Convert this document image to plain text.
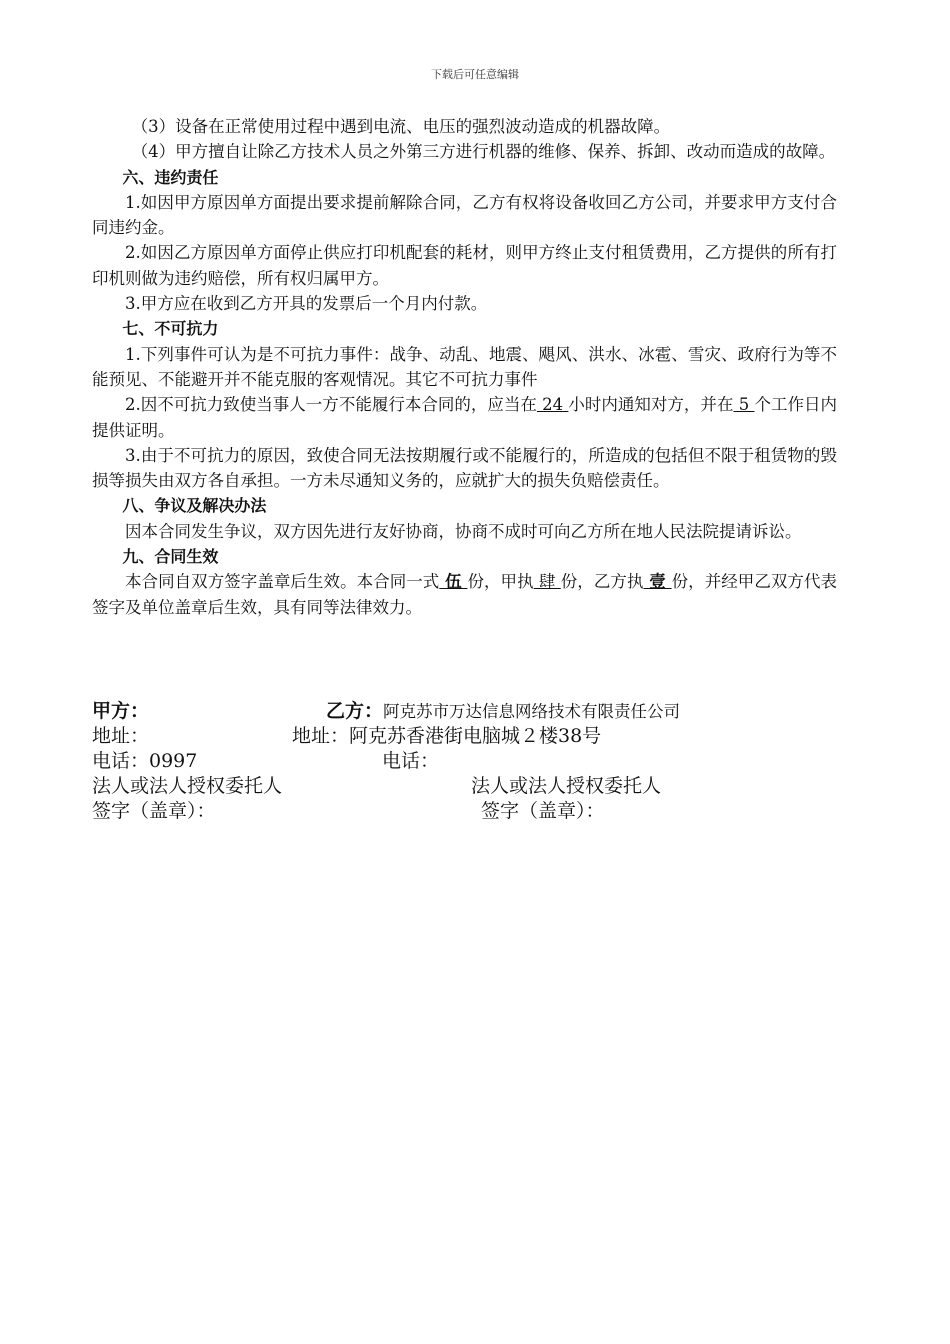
下载后可任意编辑

（3）设备在正常使用过程中遇到电流、电压的强烈波动造成的机器故障。

（4）甲方擅自让除乙方技术人员之外第三方进行机器的维修、保养、拆卸、改动而造成的故障。

六、违约责任

1.如因甲方原因单方面提出要求提前解除合同，乙方有权将设备收回乙方公司，并要求甲方支付合同违约金。

2.如因乙方原因单方面停止供应打印机配套的耗材，则甲方终止支付租赁费用，乙方提供的所有打印机则做为违约赔偿，所有权归属甲方。

3.甲方应在收到乙方开具的发票后一个月内付款。

七、不可抗力

1.下列事件可认为是不可抗力事件：战争、动乱、地震、飓风、洪水、冰雹、雪灾、政府行为等不能预见、不能避开并不能克服的客观情况。其它不可抗力事件

2.因不可抗力致使当事人一方不能履行本合同的，应当在 24 小时内通知对方，并在 5 个工作日内提供证明。

3.由于不可抗力的原因，致使合同无法按期履行或不能履行的，所造成的包括但不限于租赁物的毁损等损失由双方各自承担。一方未尽通知义务的，应就扩大的损失负赔偿责任。

八、争议及解决办法

因本合同发生争议，双方因先进行友好协商，协商不成时可向乙方所在地人民法院提请诉讼。

九、合同生效

本合同自双方签字盖章后生效。本合同一式 伍 份，甲执 肆 份，乙方执 壹 份，并经甲乙双方代表签字及单位盖章后生效，具有同等法律效力。

甲方：	乙方：阿克苏市万达信息网络技术有限责任公司
地址：	地址：阿克苏香港街电脑城２楼38号
电话：0997	电话：
法人或法人授权委托人	法人或法人授权委托人
签字（盖章）：	签字（盖章）：
